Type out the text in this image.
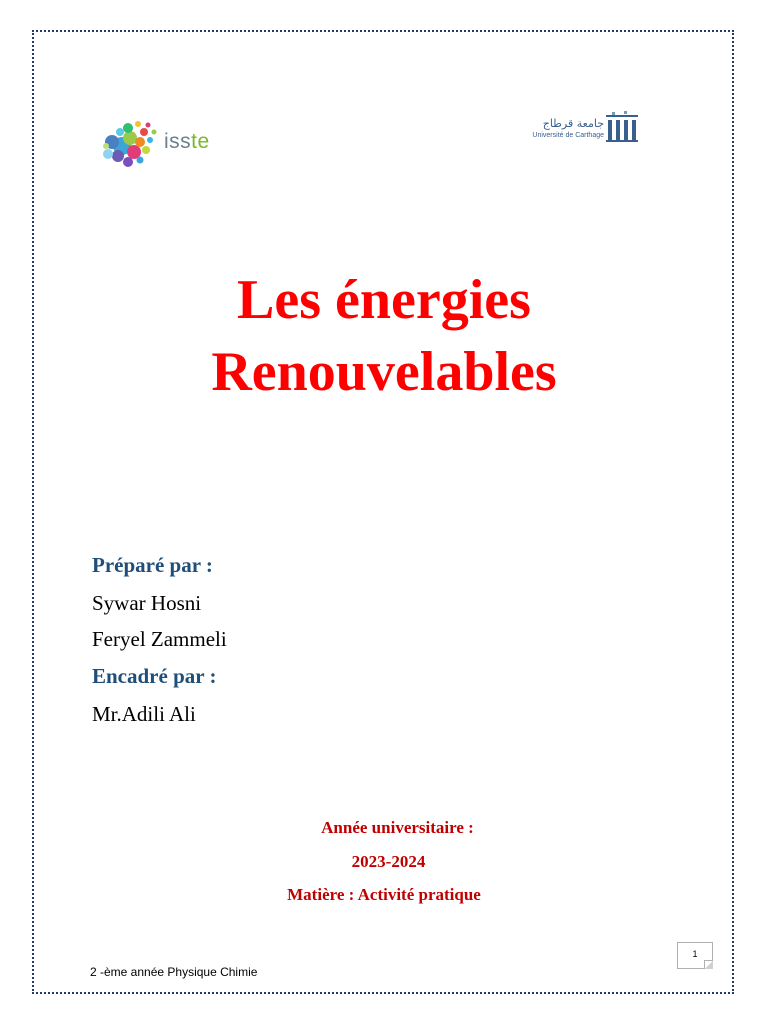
isste
جامعة قرطاج
Université de Carthage
Les énergies
Renouvelables
Préparé par :
Sywar Hosni
Feryel Zammeli
Encadré par :
Mr.Adili Ali
Année universitaire :
2023-2024
Matière : Activité pratique
1
2 -ème année Physique Chimie
